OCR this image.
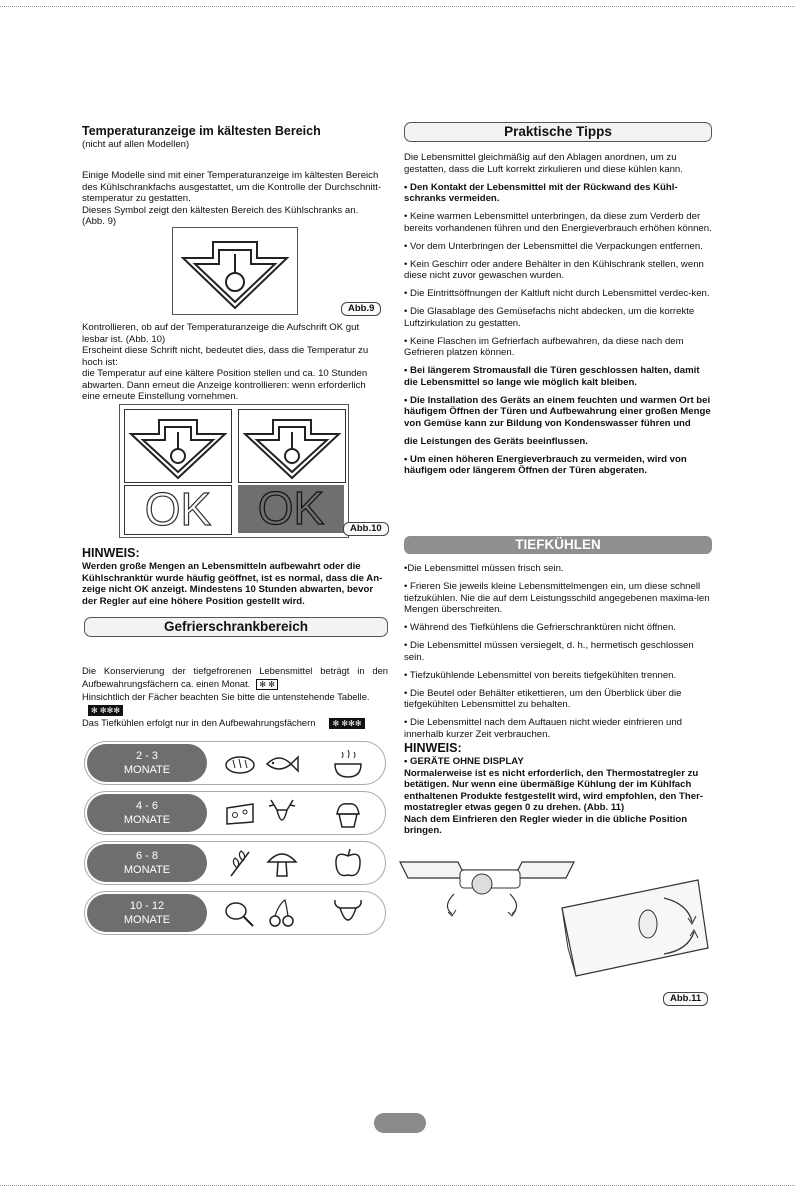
Temperaturanzeige im kältesten Bereich

(nicht auf allen Modellen)

Einige Modelle sind mit einer Temperaturanzeige im kältesten Bereich

des Kühlschrankfachs ausgestattet, um die Kontrolle der Durchschnitt-

stemperatur zu gestatten.

Dieses Symbol zeigt den kältesten Bereich des Kühlschranks an.

(Abb. 9)

Abb.9

Kontrollieren, ob auf der Temperaturanzeige die Aufschrift OK gut

lesbar ist. (Abb. 10)

Erscheint diese Schrift nicht, bedeutet dies, dass die Temperatur zu

hoch ist:

die Temperatur auf eine kältere Position stellen und ca. 10 Stunden

abwarten. Dann erneut die Anzeige kontrollieren: wenn erforderlich

eine erneute Einstellung vornehmen.

OK	OK	Abb.10

HINWEIS:

Werden große Mengen an Lebensmitteln aufbewahrt oder die

Kühlschranktür wurde häufig geöffnet, ist es normal, dass die An-

zeige nicht OK anzeigt. Mindestens 10 Stunden abwarten, bevor

der Regler auf eine höhere Position gestellt wird.

Gefrierschrankbereich

Die Konservierung der tiefgefrorenen Lebensmittel beträgt in den

Aufbewahrungsfächern ca. einen Monat. ✻ ✻

Hinsichtlich der Fächer beachten Sie bitte die untenstehende Tabelle.✻ ✻✻✻

Das Tiefkühlen erfolgt nur in den Aufbewahrungsfächern ✻ ✻✻✻

2 - 3
MONATE
4 - 6
MONATE
6 - 8
MONATE
10 - 12
MONATE
Praktische Tipps

Die Lebensmittel gleichmäßig auf den Ablagen anordnen, um zu gestatten, dass die Luft korrekt zirkulieren und diese kühlen kann.

• Den Kontakt der Lebensmittel mit der Rückwand des Kühl-schranks vermeiden.

• Keine warmen Lebensmittel unterbringen, da diese zum Verderb der bereits vorhandenen führen und den Energieverbrauch erhöhen können.

• Vor dem Unterbringen der Lebensmittel die Verpackungen entfernen.

• Kein Geschirr oder andere Behälter in den Kühlschrank stellen, wenn diese nicht zuvor gewaschen wurden.

• Die Eintrittsöffnungen der Kaltluft nicht durch Lebensmittel verdec-ken.

• Die Glasablage des Gemüsefachs nicht abdecken, um die korrekte Luftzirkulation zu gestatten.

• Keine Flaschen im Gefrierfach aufbewahren, da diese nach dem Gefrieren platzen können.

• Bei längerem Stromausfall die Türen geschlossen halten, damit die Lebensmittel so lange wie möglich kalt bleiben.

• Die Installation des Geräts an einem feuchten und warmen Ort bei häufigem Öffnen der Türen und Aufbewahrung einer großen Menge von Gemüse kann zur Bildung von Kondenswasser führen und

die Leistungen des Geräts beeinflussen.

• Um einen höheren Energieverbrauch zu vermeiden, wird von häufigem oder längerem Öffnen der Türen abgeraten.

TIEFKÜHLEN

•Die Lebensmittel müssen frisch sein.

• Frieren Sie jeweils kleine Lebensmittelmengen ein, um diese schnell tiefzukühlen. Nie die auf dem Leistungsschild angegebenen maxima-len Mengen überschreiten.

• Während des Tiefkühlens die Gefrierschranktüren nicht öffnen.

• Die Lebensmittel müssen versiegelt, d. h., hermetisch geschlossen sein.

• Tiefzukühlende Lebensmittel von bereits tiefgekühlten trennen.

• Die Beutel oder Behälter etikettieren, um den Überblick über die tiefgekühlten Lebensmittel zu behalten.

• Die Lebensmittel nach dem Auftauen nicht wieder einfrieren und innerhalb kurzer Zeit verbrauchen.

HINWEIS:

• GERÄTE OHNE DISPLAY

Normalerweise ist es nicht erforderlich, den Thermostatregler zu betätigen. Nur wenn eine übermäßige Kühlung der im Kühlfach enthaltenen Produkte festgestellt wird, wird empfohlen, den Ther-mostatregler etwas gegen 0 zu drehen. (Abb. 11)

Nach dem Einfrieren den Regler wieder in die übliche Position bringen.

Abb.11
